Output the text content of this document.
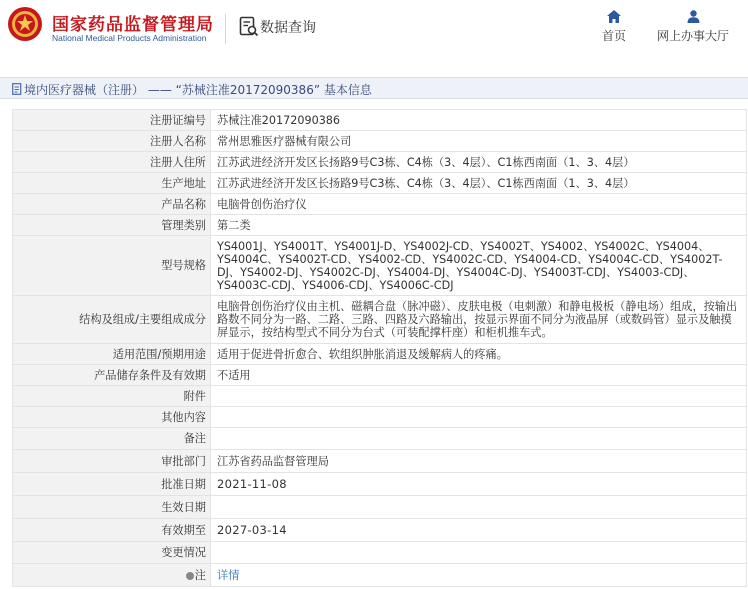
国家药品监督管理局
National Medical Products Administration
数据查询	首页	网上办事大厅
境内医疗器械（注册） —— “苏械注准20172090386” 基本信息
注册证编号	苏械注准20172090386
注册人名称	常州思雅医疗器械有限公司
注册人住所	江苏武进经济开发区长扬路9号C3栋、C4栋（3、4层）、C1栋西南面（1、3、4层）
生产地址	江苏武进经济开发区长扬路9号C3栋、C4栋（3、4层）、C1栋西南面（1、3、4层）
产品名称	电脑骨创伤治疗仪
管理类别	第二类
型号规格	YS4001J、YS4001T、YS4001J-D、YS4002J-CD、YS4002T、YS4002、YS4002C、YS4004、YS4004C、YS4002T-CD、YS4002-CD、YS4002C-CD、YS4004-CD、YS4004C-CD、YS4002T-DJ、YS4002-DJ、YS4002C-DJ、YS4004-DJ、YS4004C-DJ、YS4003T-CDJ、YS4003-CDJ、YS4003C-CDJ、YS4006-CDJ、YS4006C-CDJ
结构及组成/主要组成成分	电脑骨创伤治疗仪由主机、磁耦合盘（脉冲磁）、皮肤电极（电刺激）和静电极板（静电场）组成，按输出路数不同分为一路、二路、三路、四路及六路输出，按显示界面不同分为液晶屏（或数码管）显示及触摸屏显示，按结构型式不同分为台式（可装配撑杆座）和柜机推车式。
适用范围/预期用途	适用于促进骨折愈合、软组织肿胀消退及缓解病人的疼痛。
产品储存条件及有效期	不适用
附件	
其他内容	
备注	
审批部门	江苏省药品监督管理局
批准日期	2021-11-08
生效日期	
有效期至	2027-03-14
变更情况	
注	详情
